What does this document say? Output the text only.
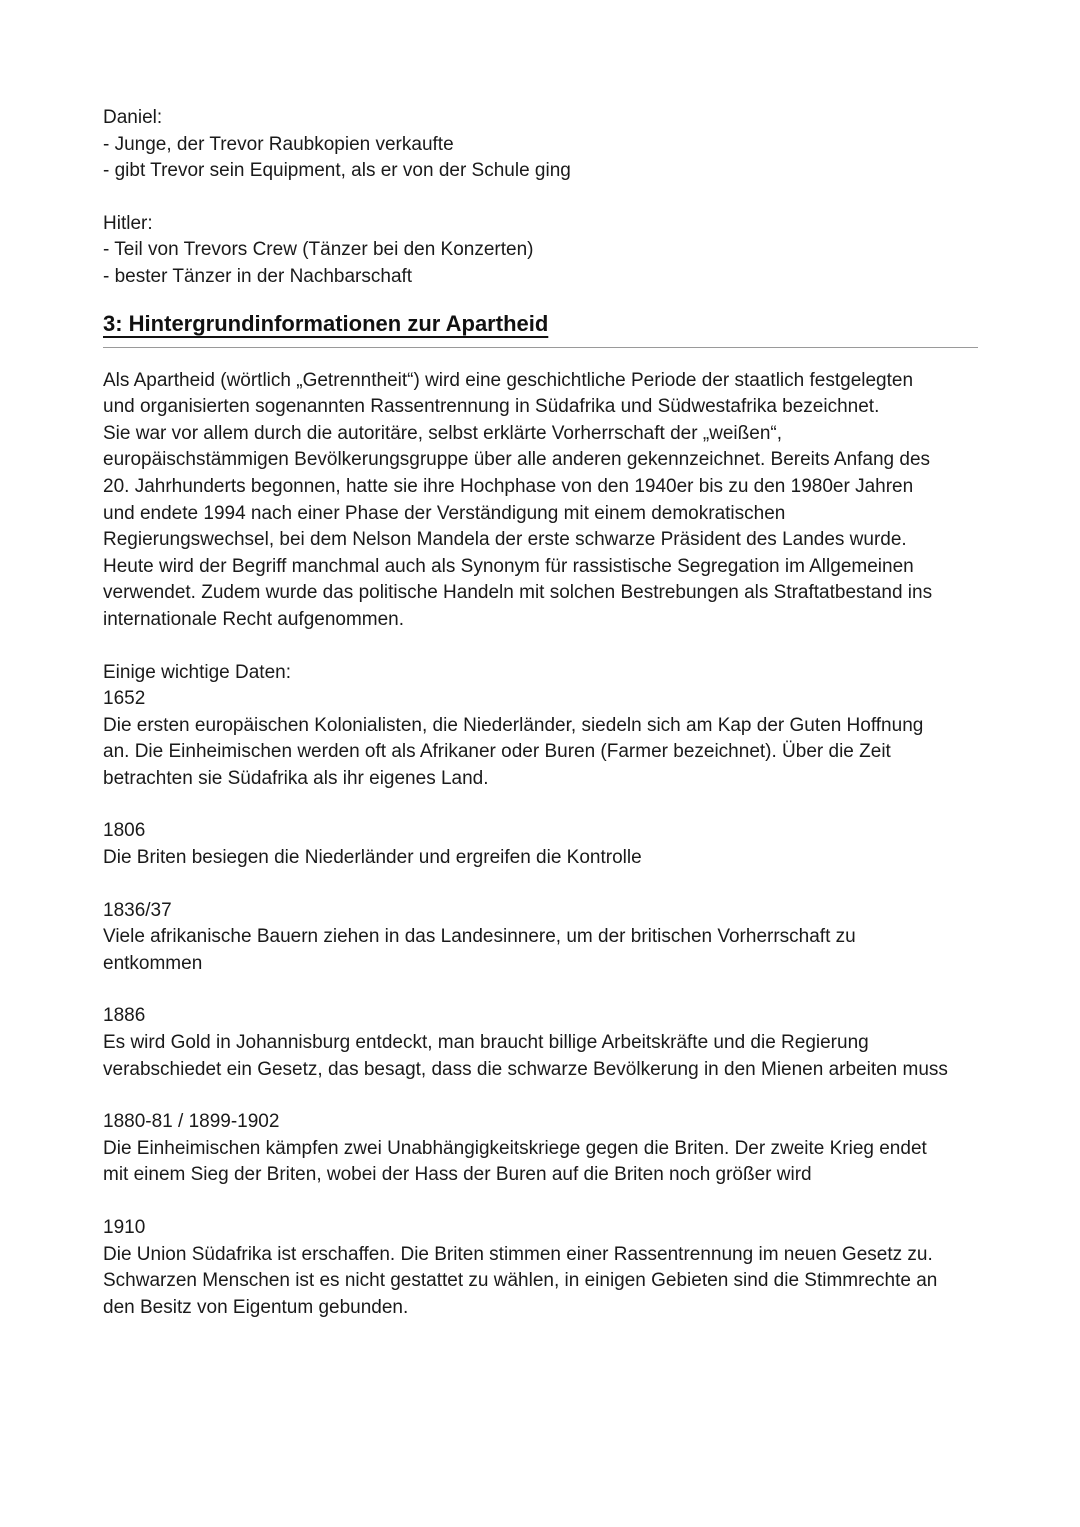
Daniel:

- Junge, der Trevor Raubkopien verkaufte

- gibt Trevor sein Equipment, als er von der Schule ging

Hitler:

- Teil von Trevors Crew (Tänzer bei den Konzerten)

- bester Tänzer in der Nachbarschaft

3: Hintergrundinformationen zur Apartheid

Als Apartheid (wörtlich „Getrenntheit“) wird eine geschichtliche Periode der staatlich festgelegten

und organisierten sogenannten Rassentrennung in Südafrika und Südwestafrika bezeichnet.

Sie war vor allem durch die autoritäre, selbst erklärte Vorherrschaft der „weißen“,

europäischstämmigen Bevölkerungsgruppe über alle anderen gekennzeichnet. Bereits Anfang des

20. Jahrhunderts begonnen, hatte sie ihre Hochphase von den 1940er bis zu den 1980er Jahren

und endete 1994 nach einer Phase der Verständigung mit einem demokratischen

Regierungswechsel, bei dem Nelson Mandela der erste schwarze Präsident des Landes wurde.

Heute wird der Begriff manchmal auch als Synonym für rassistische Segregation im Allgemeinen

verwendet. Zudem wurde das politische Handeln mit solchen Bestrebungen als Straftatbestand ins

internationale Recht aufgenommen.

Einige wichtige Daten:

1652

Die ersten europäischen Kolonialisten, die Niederländer, siedeln sich am Kap der Guten Hoffnung

an. Die Einheimischen werden oft als Afrikaner oder Buren (Farmer bezeichnet). Über die Zeit

betrachten sie Südafrika als ihr eigenes Land.

1806

Die Briten besiegen die Niederländer und ergreifen die Kontrolle

1836/37

Viele afrikanische Bauern ziehen in das Landesinnere, um der britischen Vorherrschaft zu

entkommen

1886

Es wird Gold in Johannisburg entdeckt, man braucht billige Arbeitskräfte und die Regierung

verabschiedet ein Gesetz, das besagt, dass die schwarze Bevölkerung in den Mienen arbeiten muss

1880-81 / 1899-1902

Die Einheimischen kämpfen zwei Unabhängigkeitskriege gegen die Briten. Der zweite Krieg endet

mit einem Sieg der Briten, wobei der Hass der Buren auf die Briten noch größer wird

1910

Die Union Südafrika ist erschaffen. Die Briten stimmen einer Rassentrennung im neuen Gesetz zu.

Schwarzen Menschen ist es nicht gestattet zu wählen, in einigen Gebieten sind die Stimmrechte an

den Besitz von Eigentum gebunden.
